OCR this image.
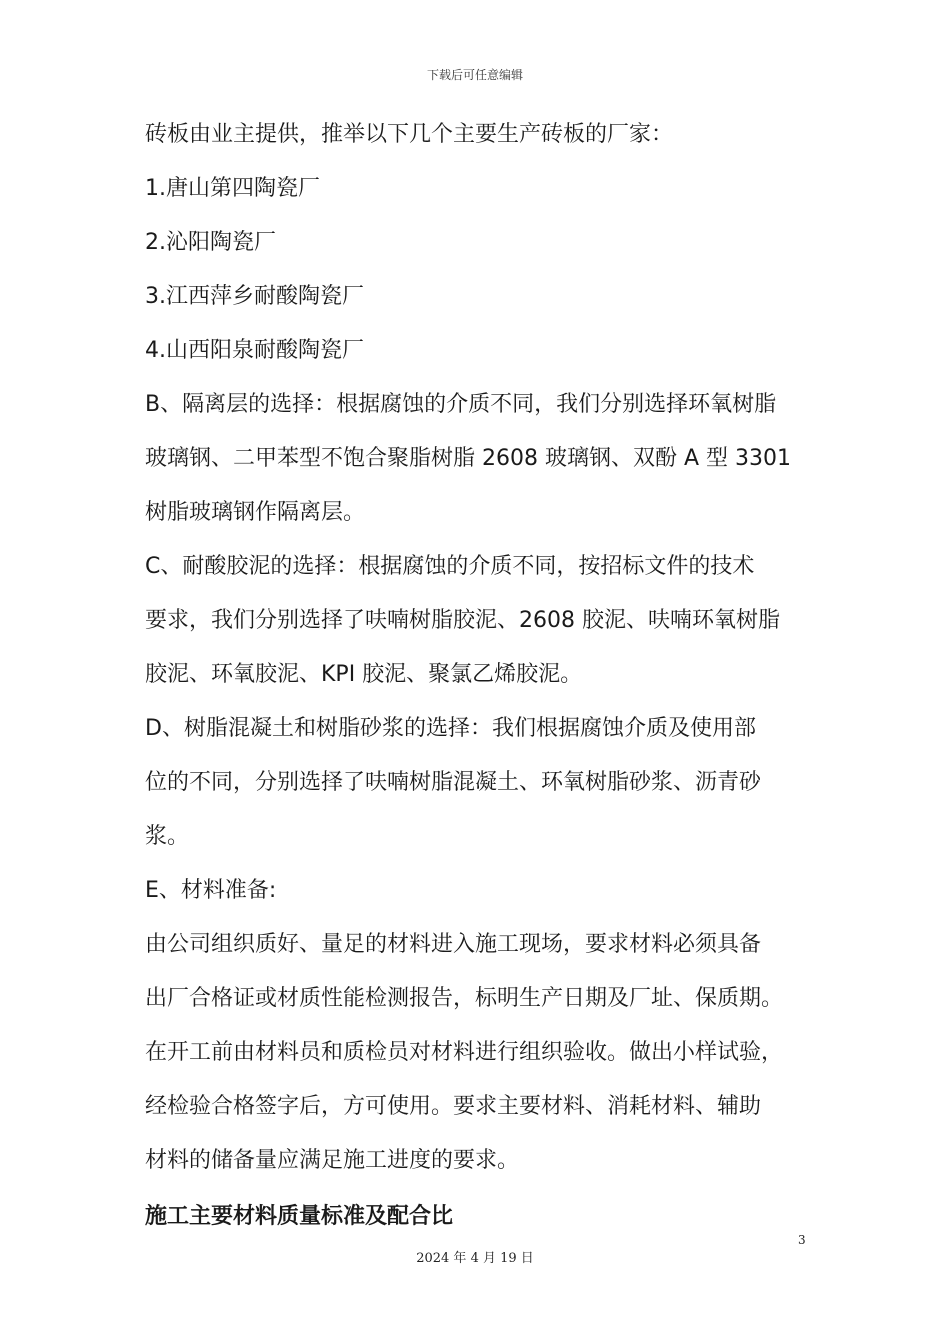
下载后可任意编辑
砖板由业主提供，推举以下几个主要生产砖板的厂家：
1.唐山第四陶瓷厂
2.沁阳陶瓷厂
3.江西萍乡耐酸陶瓷厂
4.山西阳泉耐酸陶瓷厂
B、隔离层的选择：根据腐蚀的介质不同，我们分别选择环氧树脂
玻璃钢、二甲苯型不饱合聚脂树脂 2608 玻璃钢、双酚 A 型 3301
树脂玻璃钢作隔离层。
C、耐酸胶泥的选择：根据腐蚀的介质不同，按招标文件的技术
要求，我们分别选择了呋喃树脂胶泥、2608 胶泥、呋喃环氧树脂
胶泥、环氧胶泥、KPI 胶泥、聚氯乙烯胶泥。
D、树脂混凝土和树脂砂浆的选择：我们根据腐蚀介质及使用部
位的不同，分别选择了呋喃树脂混凝土、环氧树脂砂浆、沥青砂
浆。
E、材料准备:
由公司组织质好、量足的材料进入施工现场，要求材料必须具备
出厂合格证或材质性能检测报告，标明生产日期及厂址、保质期。
在开工前由材料员和质检员对材料进行组织验收。做出小样试验，
经检验合格签字后，方可使用。要求主要材料、消耗材料、辅助
材料的储备量应满足施工进度的要求。
施工主要材料质量标准及配合比
3
2024 年 4 月 19 日
